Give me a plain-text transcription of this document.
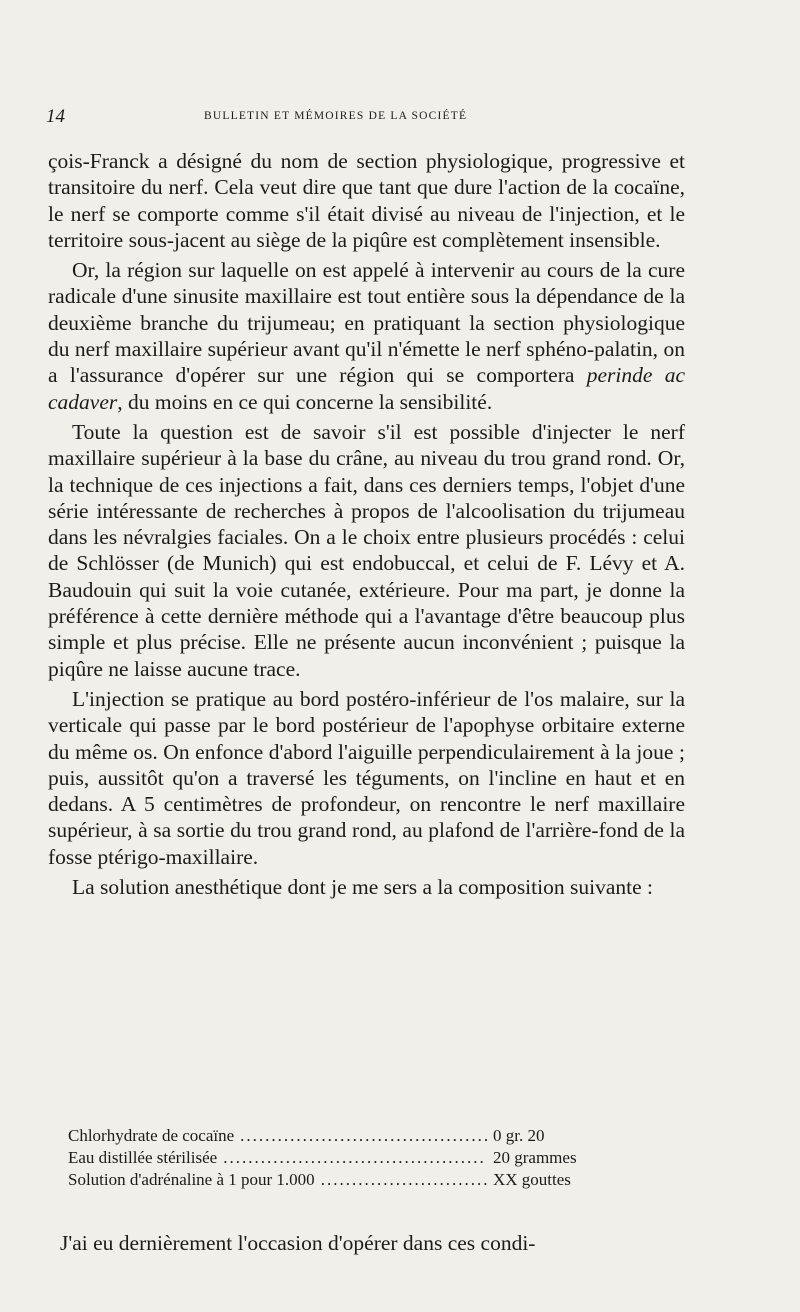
14	BULLETIN ET MÉMOIRES DE LA SOCIÉTÉ

çois-Franck a désigné du nom de section physiologique, progressive et transitoire du nerf. Cela veut dire que tant que dure l'action de la cocaïne, le nerf se comporte comme s'il était divisé au niveau de l'injection, et le territoire sous-jacent au siège de la piqûre est complètement insensible.

Or, la région sur laquelle on est appelé à intervenir au cours de la cure radicale d'une sinusite maxillaire est tout entière sous la dépendance de la deuxième branche du trijumeau; en pratiquant la section physiologique du nerf maxillaire supérieur avant qu'il n'émette le nerf sphéno-palatin, on a l'assurance d'opérer sur une région qui se comportera perinde ac cadaver, du moins en ce qui concerne la sensibilité.

Toute la question est de savoir s'il est possible d'injecter le nerf maxillaire supérieur à la base du crâne, au niveau du trou grand rond. Or, la technique de ces injections a fait, dans ces derniers temps, l'objet d'une série intéressante de recherches à propos de l'alcoolisation du trijumeau dans les névralgies faciales. On a le choix entre plusieurs procédés : celui de Schlösser (de Munich) qui est endobuccal, et celui de F. Lévy et A. Baudouin qui suit la voie cutanée, extérieure. Pour ma part, je donne la préférence à cette dernière méthode qui a l'avantage d'être beaucoup plus simple et plus précise. Elle ne présente aucun inconvénient ; puisque la piqûre ne laisse aucune trace.

L'injection se pratique au bord postéro-inférieur de l'os malaire, sur la verticale qui passe par le bord postérieur de l'apophyse orbitaire externe du même os. On enfonce d'abord l'aiguille perpendiculairement à la joue ; puis, aussitôt qu'on a traversé les téguments, on l'incline en haut et en dedans. A 5 centimètres de profondeur, on rencontre le nerf maxillaire supérieur, à sa sortie du trou grand rond, au plafond de l'arrière-fond de la fosse ptérigo-maxillaire.

La solution anesthétique dont je me sers a la composition suivante :

Chlorhydrate de cocaïne .....	0 gr. 20
Eau distillée stérilisée .....	20 grammes
Solution d'adrénaline à 1 pour 1.000 .....	XX gouttes

J'ai eu dernièrement l'occasion d'opérer dans ces condi-
